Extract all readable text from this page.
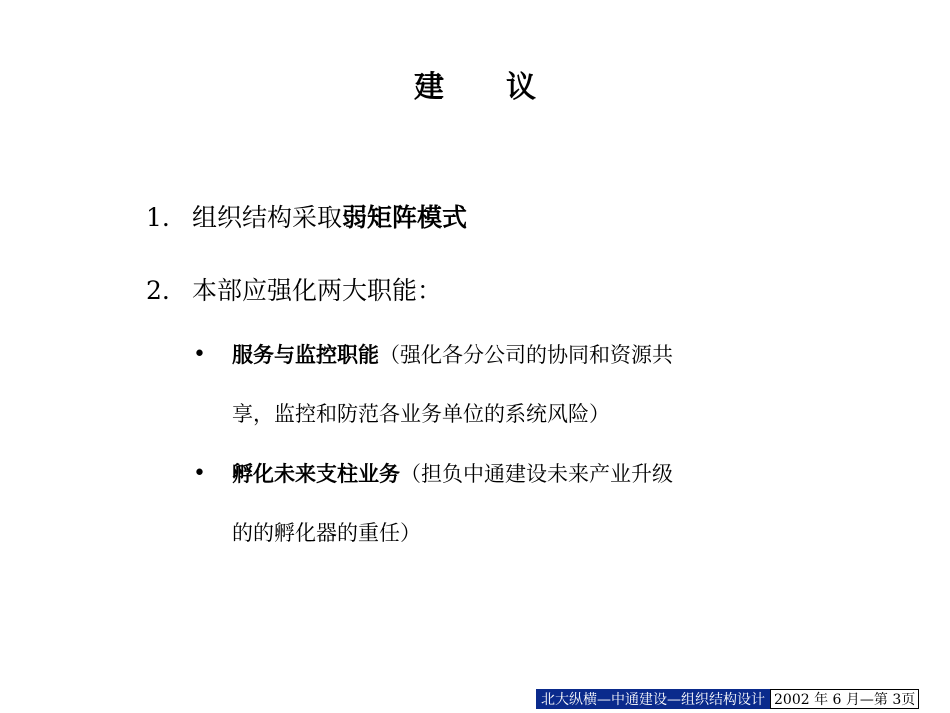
建 议
1. 组织结构采取弱矩阵模式
2. 本部应强化两大职能：
• 服务与监控职能（强化各分公司的协同和资源共
享，监控和防范各业务单位的系统风险）
• 孵化未来支柱业务（担负中通建设未来产业升级
的的孵化器的重任）
北大纵横—中通建设—组织结构设计 2002 年 6 月—第 3页
